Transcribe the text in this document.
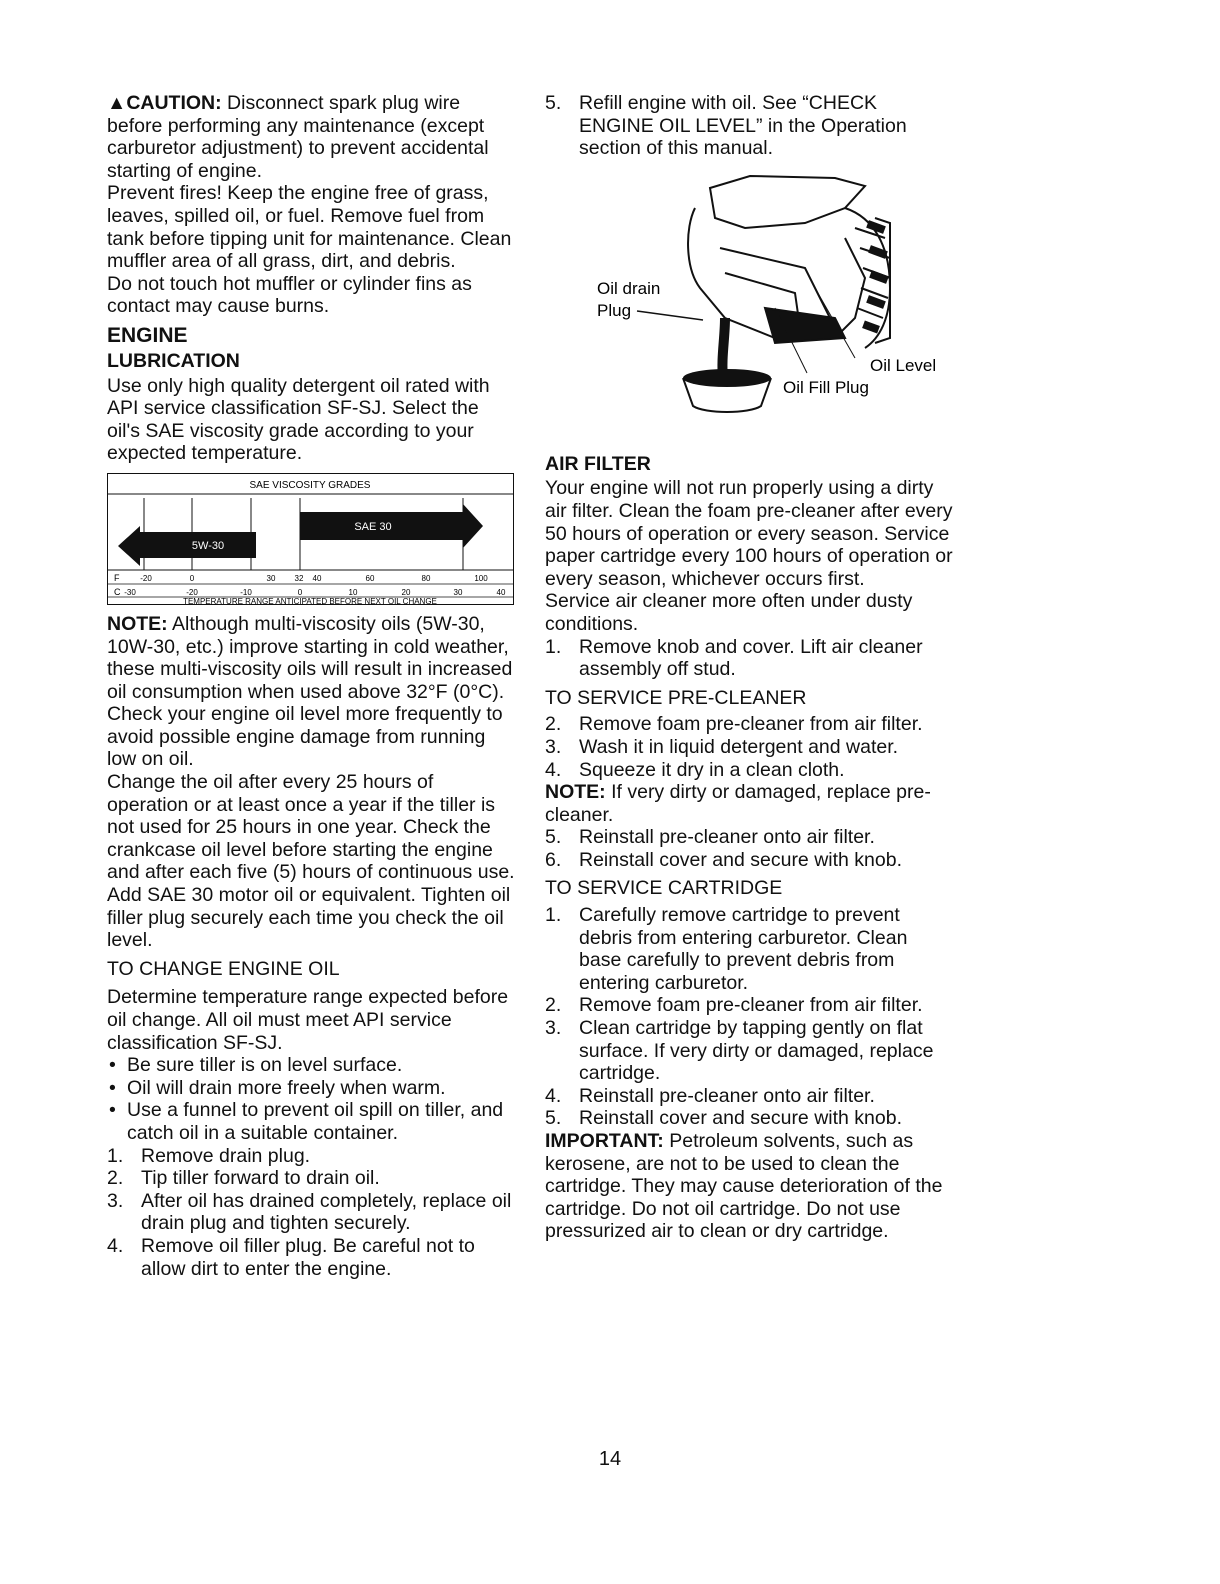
▲CAUTION: Disconnect spark plug wire before performing any maintenance (except carburetor adjustment) to prevent accidental starting of engine.

Prevent fires! Keep the engine free of grass, leaves, spilled oil, or fuel. Remove fuel from tank before tipping unit for maintenance. Clean muffler area of all grass, dirt, and debris.

Do not touch hot muffler or cylinder fins as contact may cause burns.

ENGINE
LUBRICATION

Use only high quality detergent oil rated with API service classification SF-SJ. Select the oil's SAE viscosity grade according to your expected temperature.

SAE VISCOSITY GRADES
SAE 30
5W-30
F	-20	0	30 32 40	60	80	100
C -30	-20	-10	0	10	20	30	40
TEMPERATURE RANGE ANTICIPATED BEFORE NEXT OIL CHANGE

NOTE: Although multi-viscosity oils (5W-30, 10W-30, etc.) improve starting in cold weather, these multi-viscosity oils will result in increased oil consumption when used above 32°F (0°C). Check your engine oil level more frequently to avoid possible engine damage from running low on oil.

Change the oil after every 25 hours of operation or at least once a year if the tiller is not used for 25 hours in one year. Check the crankcase oil level before starting the engine and after each five (5) hours of continuous use. Add SAE 30 motor oil or equivalent. Tighten oil filler plug securely each time you check the oil level.

TO CHANGE ENGINE OIL

Determine temperature range expected before oil change. All oil must meet API service classification SF-SJ.

• Be sure tiller is on level surface.
• Oil will drain more freely when warm.
• Use a funnel to prevent oil spill on tiller, and catch oil in a suitable container.
1. Remove drain plug.
2. Tip tiller forward to drain oil.
3. After oil has drained completely, replace oil drain plug and tighten securely.
4. Remove oil filler plug. Be careful not to allow dirt to enter the engine.
5. Refill engine with oil. See “CHECK ENGINE OIL LEVEL” in the Operation section of this manual.
Oil drain
Plug
Oil Level
Oil Fill Plug
AIR FILTER

Your engine will not run properly using a dirty air filter. Clean the foam pre-cleaner after every 50 hours of operation or every season. Service paper cartridge every 100 hours of operation or every season, whichever occurs first.

Service air cleaner more often under dusty conditions.

1. Remove knob and cover. Lift air cleaner assembly off stud.

TO SERVICE PRE-CLEANER

2. Remove foam pre-cleaner from air filter.
3. Wash it in liquid detergent and water.
4. Squeeze it dry in a clean cloth.

NOTE: If very dirty or damaged, replace pre-cleaner.

5. Reinstall pre-cleaner onto air filter.
6. Reinstall cover and secure with knob.

TO SERVICE CARTRIDGE

1. Carefully remove cartridge to prevent debris from entering carburetor. Clean base carefully to prevent debris from entering carburetor.
2. Remove foam pre-cleaner from air filter.
3. Clean cartridge by tapping gently on flat surface. If very dirty or damaged, replace cartridge.
4. Reinstall pre-cleaner onto air filter.
5. Reinstall cover and secure with knob.

IMPORTANT: Petroleum solvents, such as kerosene, are not to be used to clean the cartridge. They may cause deterioration of the cartridge. Do not oil cartridge. Do not use pressurized air to clean or dry cartridge.

14
